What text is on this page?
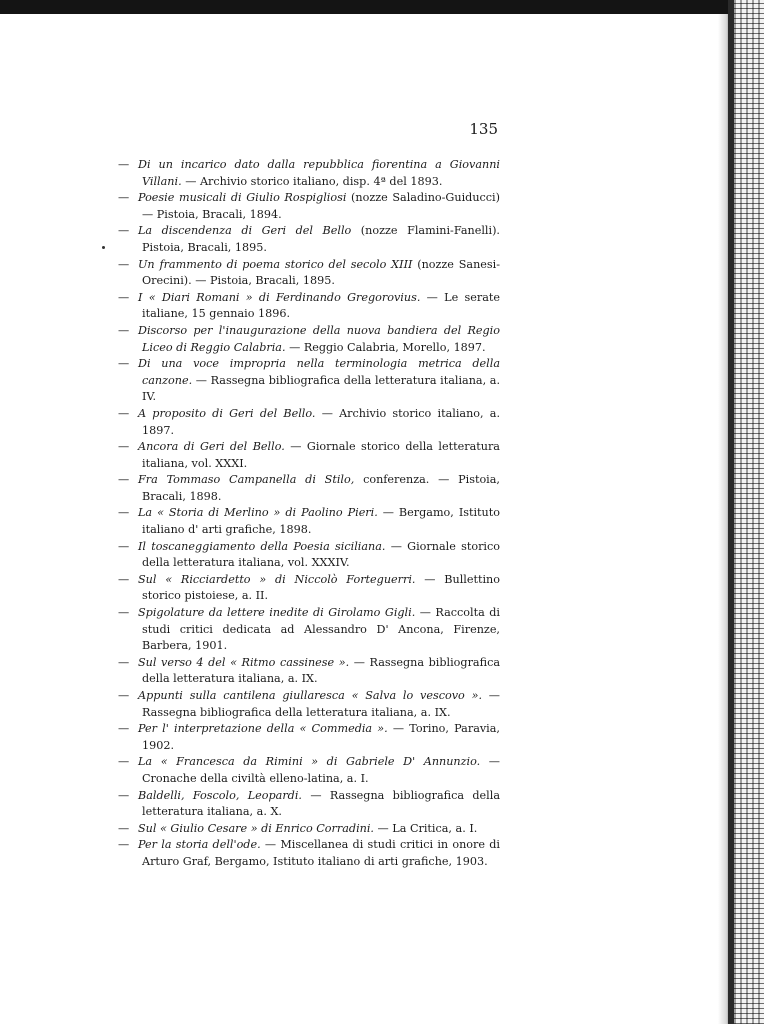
135
— Di un incarico dato dalla repubblica fiorentina a Giovanni Villani. — Archivio storico italiano, disp. 4ª del 1893.
— Poesie musicali di Giulio Rospigliosi (nozze Saladino-Guiducci) — Pistoia, Bracali, 1894.
— La discendenza di Geri del Bello (nozze Flamini-Fanelli). Pistoia, Bracali, 1895.
— Un frammento di poema storico del secolo XIII (nozze Sanesi-Orecini). — Pistoia, Bracali, 1895.
— I « Diari Romani » di Ferdinando Gregorovius. — Le serate italiane, 15 gennaio 1896.
— Discorso per l'inaugurazione della nuova bandiera del Regio Liceo di Reggio Calabria. — Reggio Calabria, Morello, 1897.
— Di una voce impropria nella terminologia metrica della canzone. — Rassegna bibliografica della letteratura italiana, a. IV.
— A proposito di Geri del Bello. — Archivio storico italiano, a. 1897.
— Ancora di Geri del Bello. — Giornale storico della letteratura italiana, vol. XXXI.
— Fra Tommaso Campanella di Stilo, conferenza. — Pistoia, Bracali, 1898.
— La « Storia di Merlino » di Paolino Pieri. — Bergamo, Istituto italiano d' arti grafiche, 1898.
— Il toscaneggiamento della Poesia siciliana. — Giornale storico della letteratura italiana, vol. XXXIV.
— Sul « Ricciardetto » di Niccolò Forteguerri. — Bullettino storico pistoiese, a. II.
— Spigolature da lettere inedite di Girolamo Gigli. — Raccolta di studi critici dedicata ad Alessandro D' Ancona, Firenze, Barbera, 1901.
— Sul verso 4 del « Ritmo cassinese ». — Rassegna bibliografica della letteratura italiana, a. IX.
— Appunti sulla cantilena giullaresca « Salva lo vescovo ». — Rassegna bibliografica della letteratura italiana, a. IX.
— Per l' interpretazione della « Commedia ». — Torino, Paravia, 1902.
— La « Francesca da Rimini » di Gabriele D' Annunzio. — Cronache della civiltà elleno-latina, a. I.
— Baldelli, Foscolo, Leopardi. — Rassegna bibliografica della letteratura italiana, a. X.
— Sul « Giulio Cesare » di Enrico Corradini. — La Critica, a. I.
— Per la storia dell'ode. — Miscellanea di studi critici in onore di Arturo Graf, Bergamo, Istituto italiano di arti grafiche, 1903.
